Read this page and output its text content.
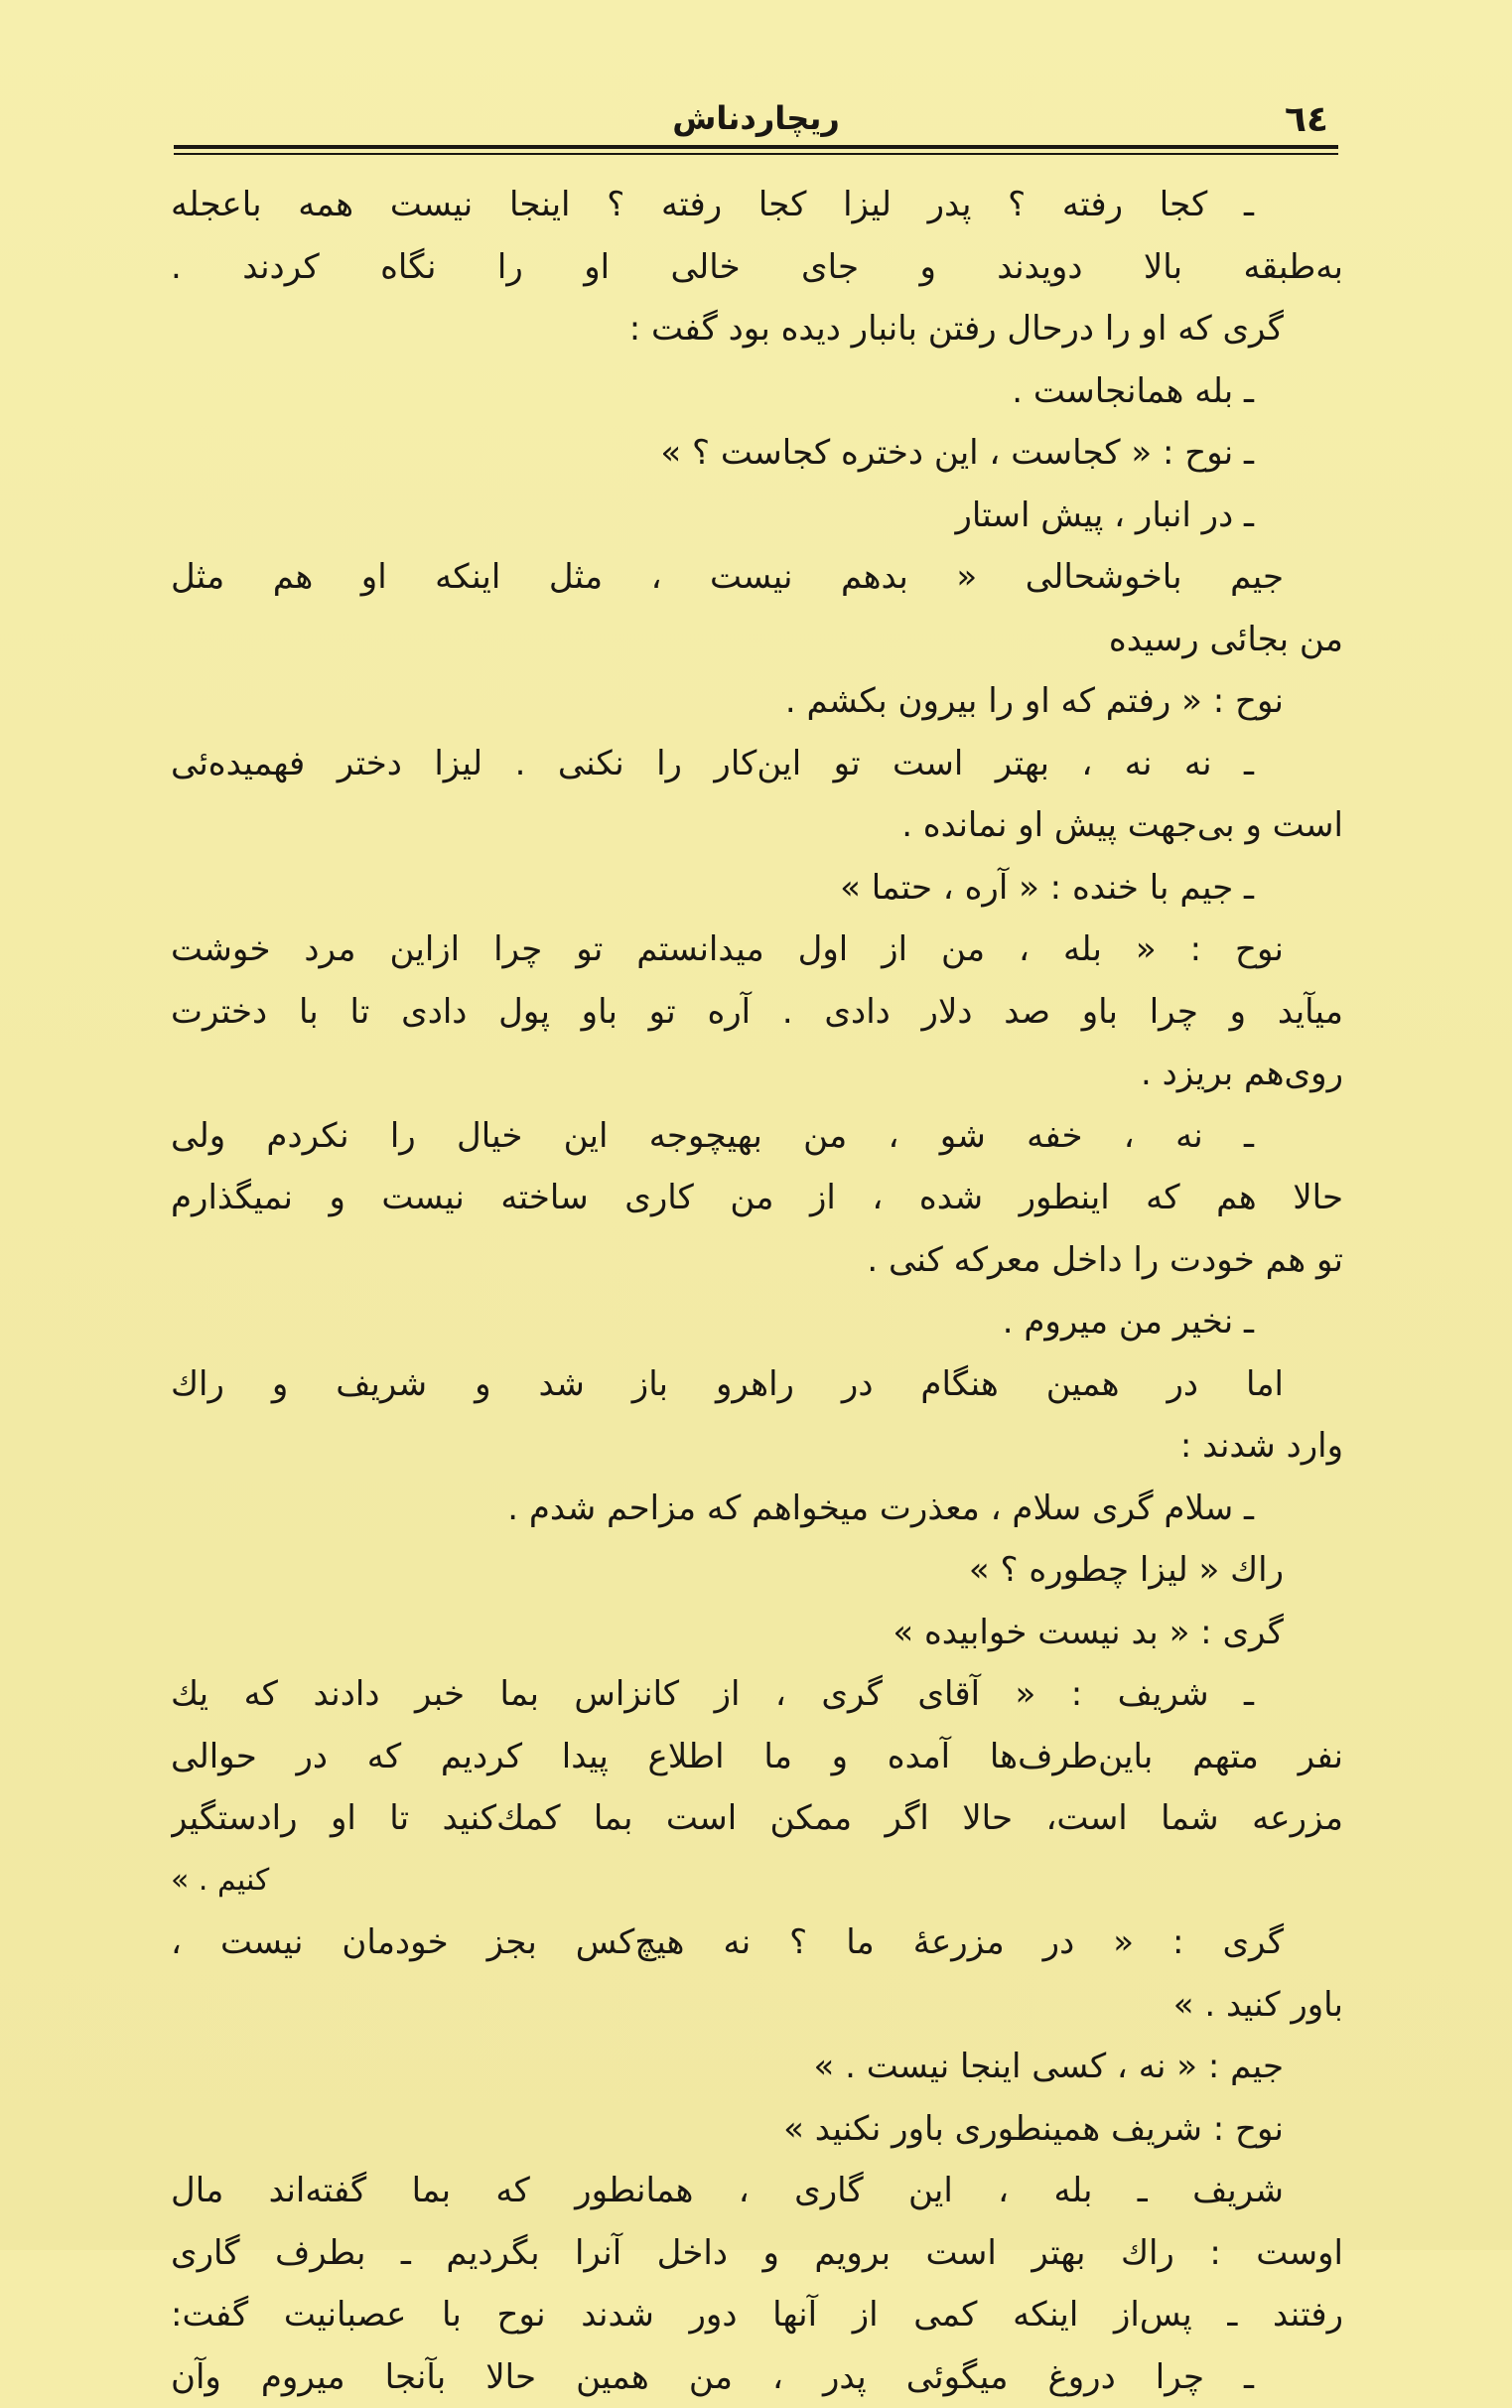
٦٤
ریچاردناش
ـ کجا رفته ؟ پدر لیزا کجا رفته ؟ اینجا نیست همه باعجله
به‌طبقه بالا دویدند و جای خالی او را نگاه کردند .
گری که او را درحال رفتن بانبار دیده بود گفت :
ـ بله همانجاست .
ـ نوح : « کجاست ، این دختره کجاست ؟ »
ـ در انبار ، پیش استار
جیم باخوشحالی « بدهم نیست ، مثل اینکه او هم مثل
من بجائی رسیده
نوح : « رفتم که او را بیرون بکشم .
ـ نه نه ، بهتر است تو این‌کار را نکنی . لیزا دختر فهمیده‌ئی
است و بی‌جهت پیش او نمانده .
ـ جیم با خنده : « آره ، حتما »
نوح : « بله ، من از اول میدانستم تو چرا ازاین مرد خوشت
میآید و چرا باو صد دلار دادی . آره تو باو پول دادی تا با دخترت
روی‌هم بریزد .
ـ نه ، خفه شو ، من بهیچوجه این خیال را نکردم ولی
حالا هم که اینطور شده ، از من کاری ساخته نیست و نمیگذارم
تو هم خودت را داخل معرکه کنی .
ـ نخیر من میروم .
اما در همین هنگام در راهرو باز شد و شریف و راك
وارد شدند :
ـ سلام گری سلام ، معذرت میخواهم که مزاحم شدم .
راك « لیزا چطوره ؟ »
گری : « بد نیست خوابیده »
ـ شریف : « آقای گری ، از کانزاس بما خبر دادند که يك
نفر متهم باین‌طرف‌ها آمده و ما اطلاع پیدا کردیم که در حوالی
مزرعه شما است، حالا اگر ممکن است بما کمك‌کنید تا او رادستگیر
کنیم . »
گری : « در مزرعهٔ ما ؟ نه هیچ‌کس بجز خودمان نیست ،
باور کنید . »
جیم : « نه ، کسی اینجا نیست . »
نوح : شریف همینطوری باور نکنید »
شریف ـ بله ، این گاری ، همانطور که بما گفته‌اند مال
اوست : راك بهتر است برویم و داخل آنرا بگردیم ـ بطرف گاری
رفتند ـ پس‌از اینکه کمی از آنها دور شدند نوح با عصبانیت گفت:
ـ چرا دروغ میگوئی پدر ، من همین حالا بآنجا میروم وآن
